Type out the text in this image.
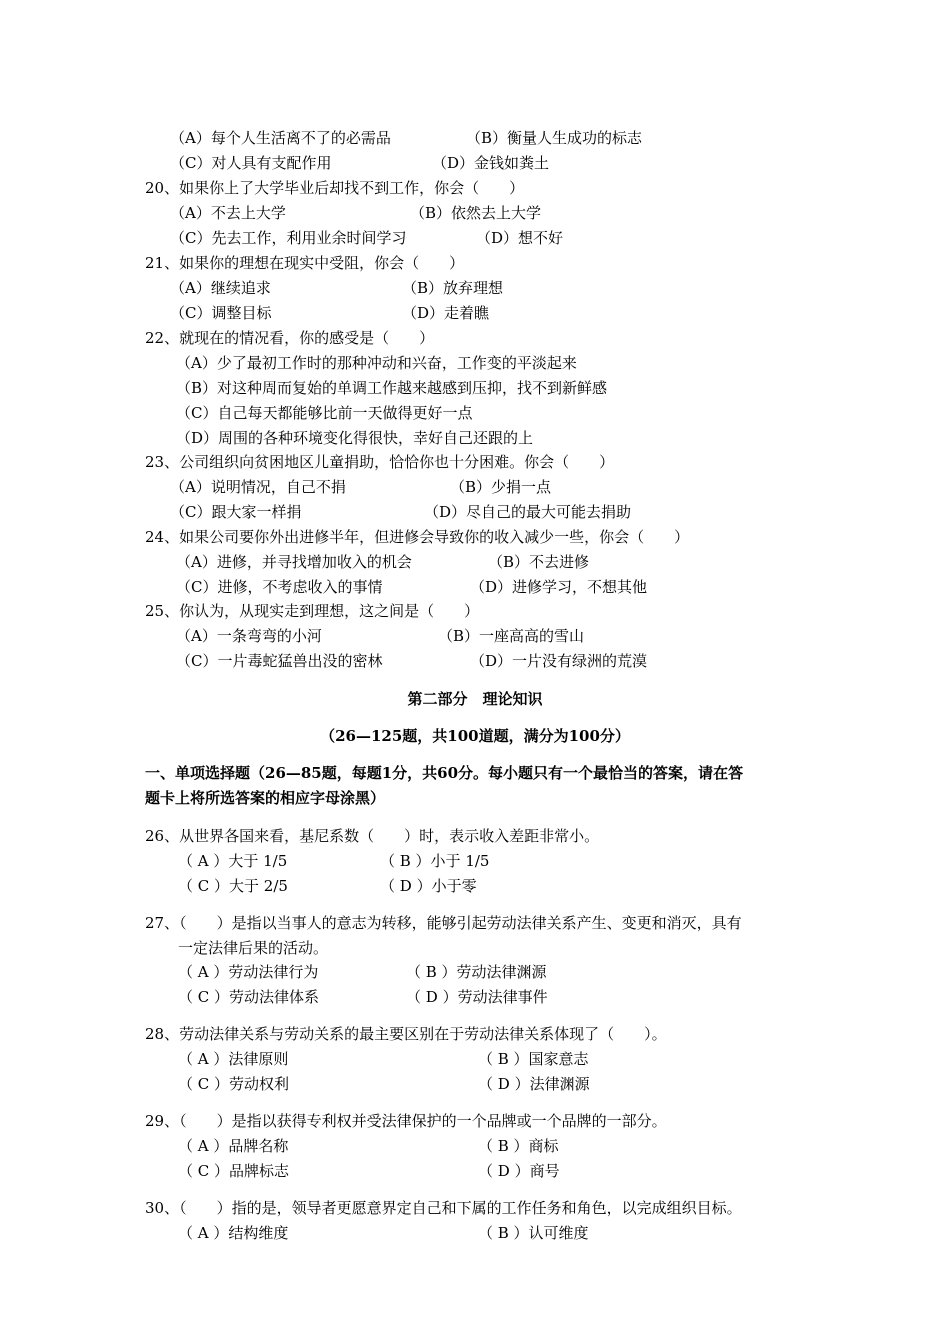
（A）每个人生活离不了的必需品	（B）衡量人生成功的标志
（C）对人具有支配作用	（D）金钱如粪土
20、如果你上了大学毕业后却找不到工作，你会（　　）
（A）不去上大学	（B）依然去上大学
（C）先去工作，利用业余时间学习	（D）想不好
21、如果你的理想在现实中受阻，你会（　　）
（A）继续追求	（B）放弃理想
（C）调整目标	（D）走着瞧
22、就现在的情况看，你的感受是（　　）
（A）少了最初工作时的那种冲动和兴奋，工作变的平淡起来
（B）对这种周而复始的单调工作越来越感到压抑，找不到新鲜感
（C）自己每天都能够比前一天做得更好一点
（D）周围的各种环境变化得很快，幸好自己还跟的上
23、公司组织向贫困地区儿童捐助，恰恰你也十分困难。你会（　　）
（A）说明情况，自己不捐	（B）少捐一点
（C）跟大家一样捐	（D）尽自己的最大可能去捐助
24、如果公司要你外出进修半年，但进修会导致你的收入减少一些，你会（　　）
（A）进修，并寻找增加收入的机会	（B）不去进修
（C）进修，不考虑收入的事情	（D）进修学习，不想其他
25、你认为，从现实走到理想，这之间是（　　）
（A）一条弯弯的小河	（B）一座高高的雪山
（C）一片毒蛇猛兽出没的密林	（D）一片没有绿洲的荒漠
第二部分　理论知识
（26—125题，共100道题，满分为100分）
一、单项选择题（26—85题，每题1分，共60分。每小题只有一个最恰当的答案，请在答
题卡上将所选答案的相应字母涂黑）
26、从世界各国来看，基尼系数（　　）时，表示收入差距非常小。
（ A ）大于 1/5	（ B ）小于 1/5
（ C ）大于 2/5	（ D ）小于零
27、（　　）是指以当事人的意志为转移，能够引起劳动法律关系产生、变更和消灭，具有
一定法律后果的活动。
（ A ）劳动法律行为	（ B ）劳动法律渊源
（ C ）劳动法律体系	（ D ）劳动法律事件
28、劳动法律关系与劳动关系的最主要区别在于劳动法律关系体现了（　　）。
（ A ）法律原则	（ B ）国家意志
（ C ）劳动权利	（ D ）法律渊源
29、（　　）是指以获得专利权并受法律保护的一个品牌或一个品牌的一部分。
（ A ）品牌名称	（ B ）商标
（ C ）品牌标志	（ D ）商号
30、（　　）指的是，领导者更愿意界定自己和下属的工作任务和角色，以完成组织目标。
（ A ）结构维度	（ B ）认可维度
